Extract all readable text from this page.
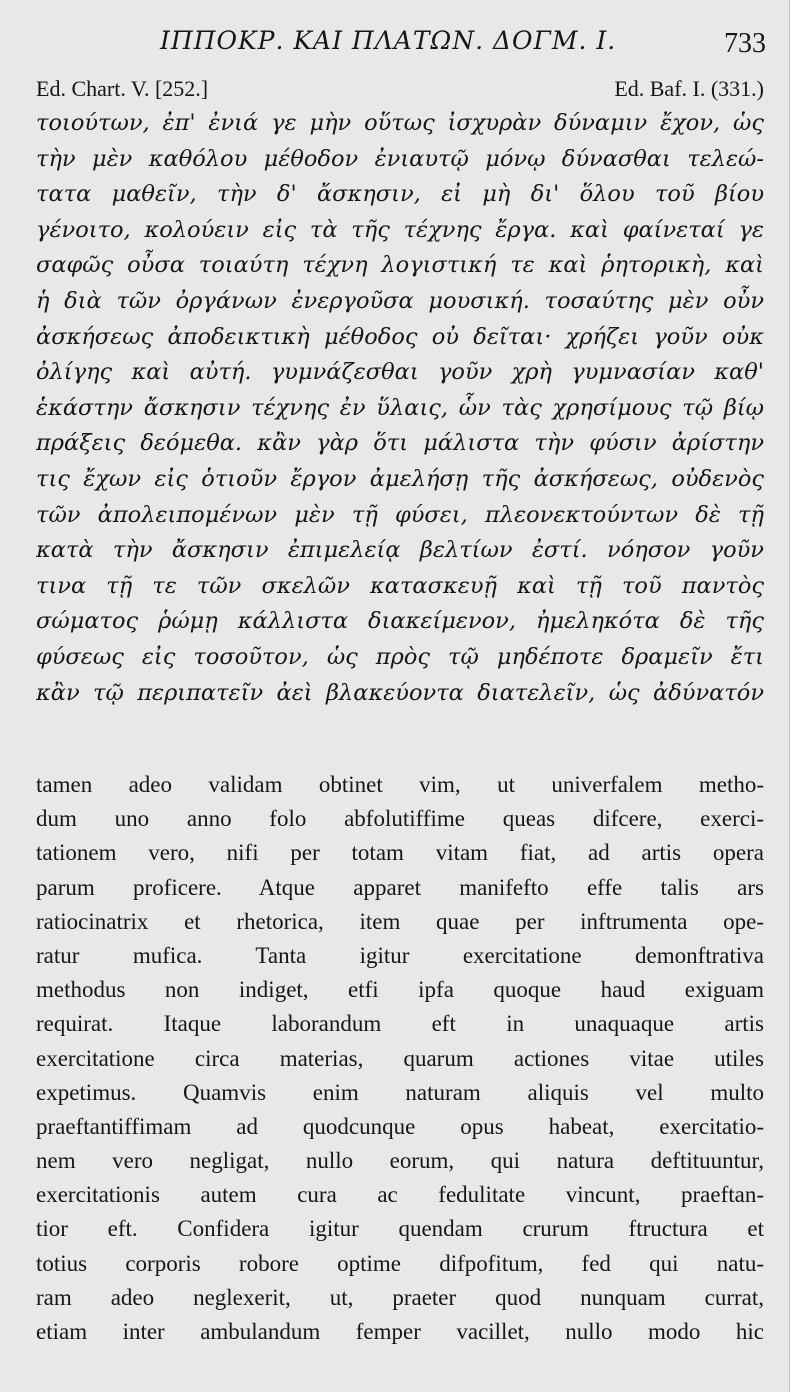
ΙΠΠΟΚΡ. ΚΑΙ ΠΛΑΤΩΝ. ΔΟΓΜ. Ι.	733
Ed. Chart. V. [252.]	Ed. Baf. I. (331.)
τοιούτων, ἐπ' ἐνιά γε μὴν οὕτως ἰσχυρὰν δύναμιν ἔχον, ὡς
τὴν μὲν καθόλου μέθοδον ἐνιαυτῷ μόνῳ δύνασθαι τελεώ-
τατα μαθεῖν, τὴν δ' ἄσκησιν, εἰ μὴ δι' ὅλου τοῦ βίου
γένοιτο, κολούειν εἰς τὰ τῆς τέχνης ἔργα. καὶ φαίνεταί γε
σαφῶς οὖσα τοιαύτη τέχνη λογιστική τε καὶ ῥητορικὴ, καὶ
ἡ διὰ τῶν ὀργάνων ἐνεργοῦσα μουσική. τοσαύτης μὲν οὖν
ἀσκήσεως ἀποδεικτικὴ μέθοδος οὐ δεῖται· χρήζει γοῦν οὐκ
ὀλίγης καὶ αὐτή. γυμνάζεσθαι γοῦν χρὴ γυμνασίαν καθ'
ἑκάστην ἄσκησιν τέχνης ἐν ὕλαις, ὧν τὰς χρησίμους τῷ βίῳ
πράξεις δεόμεθα. κἂν γὰρ ὅτι μάλιστα τὴν φύσιν ἀρίστην
τις ἔχων εἰς ὁτιοῦν ἔργον ἀμελήσῃ τῆς ἀσκήσεως, οὐδενὸς
τῶν ἀπολειπομένων μὲν τῇ φύσει, πλεονεκτούντων δὲ τῇ
κατὰ τὴν ἄσκησιν ἐπιμελείᾳ βελτίων ἐστί. νόησον γοῦν
τινα τῇ τε τῶν σκελῶν κατασκευῇ καὶ τῇ τοῦ παντὸς
σώματος ῥώμῃ κάλλιστα διακείμενον, ἠμεληκότα δὲ τῆς
φύσεως εἰς τοσοῦτον, ὡς πρὸς τῷ μηδέποτε δραμεῖν ἔτι
κἂν τῷ περιπατεῖν ἀεὶ βλακεύοντα διατελεῖν, ὡς ἀδύνατόν
tamen adeo validam obtinet vim, ut univerfalem metho-
dum uno anno folo abfolutiffime queas difcere, exerci-
tationem vero, nifi per totam vitam fiat, ad artis opera
parum proficere. Atque apparet manifefto effe talis ars
ratiocinatrix et rhetorica, item quae per inftrumenta ope-
ratur mufica. Tanta igitur exercitatione demonftrativa
methodus non indiget, etfi ipfa quoque haud exiguam
requirat. Itaque laborandum eft in unaquaque artis
exercitatione circa materias, quarum actiones vitae utiles
expetimus. Quamvis enim naturam aliquis vel multo
praeftantiffimam ad quodcunque opus habeat, exercitatio-
nem vero negligat, nullo eorum, qui natura deftituuntur,
exercitationis autem cura ac fedulitate vincunt, praeftan-
tior eft. Confidera igitur quendam crurum ftructura et
totius corporis robore optime difpofitum, fed qui natu-
ram adeo neglexerit, ut, praeter quod nunquam currat,
etiam inter ambulandum femper vacillet, nullo modo hic
